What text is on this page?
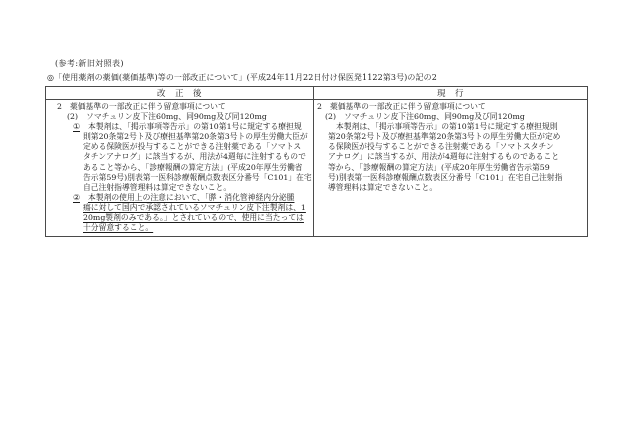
(参考:新旧対照表)
◎「使用薬剤の薬価(薬価基準)等の一部改正について」(平成24年11月22日付け保医発1122第3号)の記の2
改　正　後	現　行
2 薬価基準の一部改正に伴う留意事項について
(2) ソマチュリン皮下注60mg、同90mg及び同120mg
① 本製剤は、「掲示事項等告示」の第10第1号に規定する療担規
則第20条第2号ト及び療担基準第20条第3号トの厚生労働大臣が
定める保険医が投与することができる注射薬である「ソマトス
タチンアナログ」に該当するが、用法が4週毎に注射するもので
あること等から、「診療報酬の算定方法」(平成20年厚生労働省
告示第59号)別表第一医科診療報酬点数表区分番号「C101」在宅
自己注射指導管理料は算定できないこと。
② 本製剤の使用上の注意において、「膵・消化管神経内分泌腫
瘍に対して国内で承認されているソマチュリン皮下注製剤は、1
20mg製剤のみである。」とされているので、使用に当たっては
十分留意すること。
2 薬価基準の一部改正に伴う留意事項について
(2) ソマチュリン皮下注60mg、同90mg及び同120mg
本製剤は、「掲示事項等告示」の第10第1号に規定する療担規則
第20条第2号ト及び療担基準第20条第3号トの厚生労働大臣が定め
る保険医が投与することができる注射薬である「ソマトスタチン
アナログ」に該当するが、用法が4週毎に注射するものであること
等から、「診療報酬の算定方法」(平成20年厚生労働省告示第59
号)別表第一医科診療報酬点数表区分番号「C101」在宅自己注射指
導管理料は算定できないこと。
